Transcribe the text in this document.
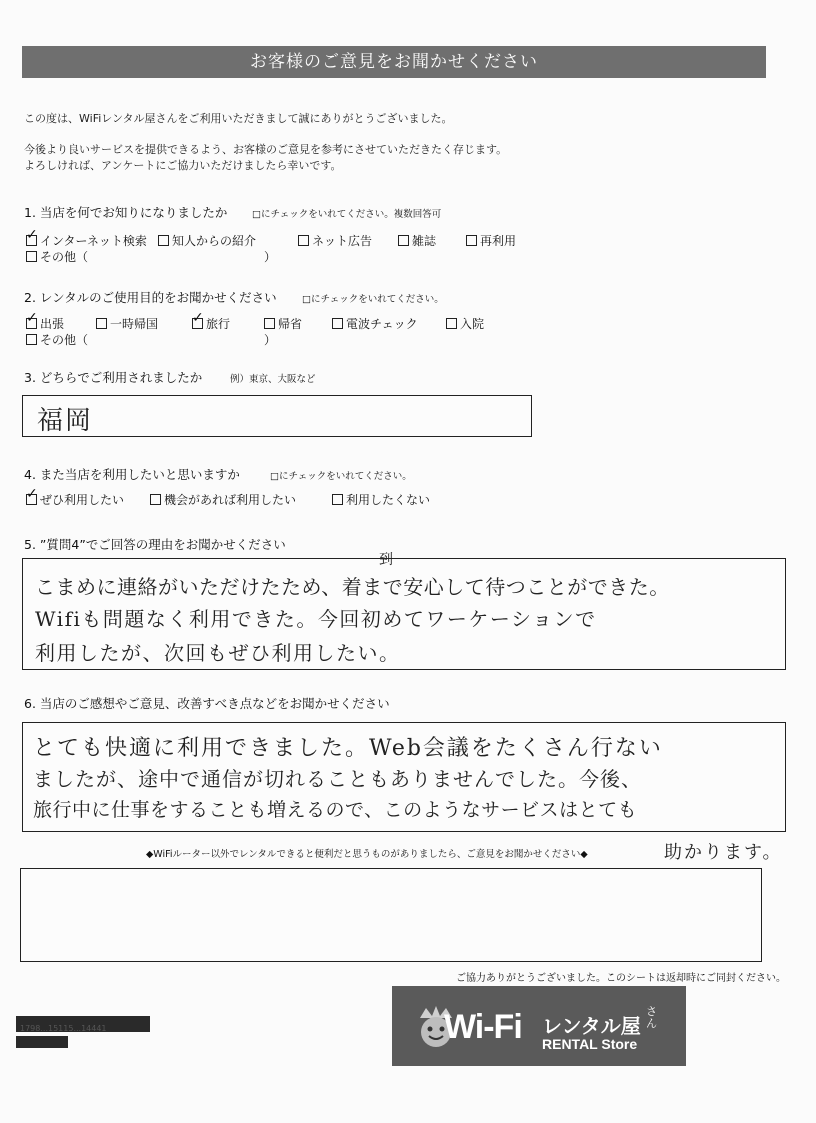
お客様のご意見をお聞かせください
この度は、WiFiレンタル屋さんをご利用いただきまして誠にありがとうございました。
今後より良いサービスを提供できるよう、お客様のご意見を参考にさせていただきたく存じます。
よろしければ、アンケートにご協力いただけましたら幸いです。
1. 当店を何でお知りになりましたか	□にチェックをいれてください。複数回答可
✓インターネット検索	知人からの紹介	ネット広告	雑誌	再利用
その他（	）
2. レンタルのご使用目的をお聞かせください	□にチェックをいれてください。
✓出張	一時帰国
✓	旅行	帰省	電波チェック	入院
その他（	）
3. どちらでご利用されましたか	例）東京、大阪など
福岡
4. また当店を利用したいと思いますか	□にチェックをいれてください。
✓ぜひ利用したい	機会があれば利用したい	利用したくない
5. ”質問4”でご回答の理由をお聞かせください
到
こまめに連絡がいただけたため、着まで安心して待つことができた。
Wifiも問題なく利用できた。今回初めてワーケーションで
利用したが、次回もぜひ利用したい。
6. 当店のご感想やご意見、改善すべき点などをお聞かせください
とても快適に利用できました。Web会議をたくさん行ない
ましたが、途中で通信が切れることもありませんでした。今後、
旅行中に仕事をすることも増えるので、このようなサービスはとても
助かります。
◆WiFiルーター以外でレンタルできると便利だと思うものがありましたら、ご意見をお聞かせください◆
ご協力ありがとうございました。このシートは返却時にご同封ください。
1798...15115...14441	Wi-Fi レンタル屋
さん
RENTAL Store
